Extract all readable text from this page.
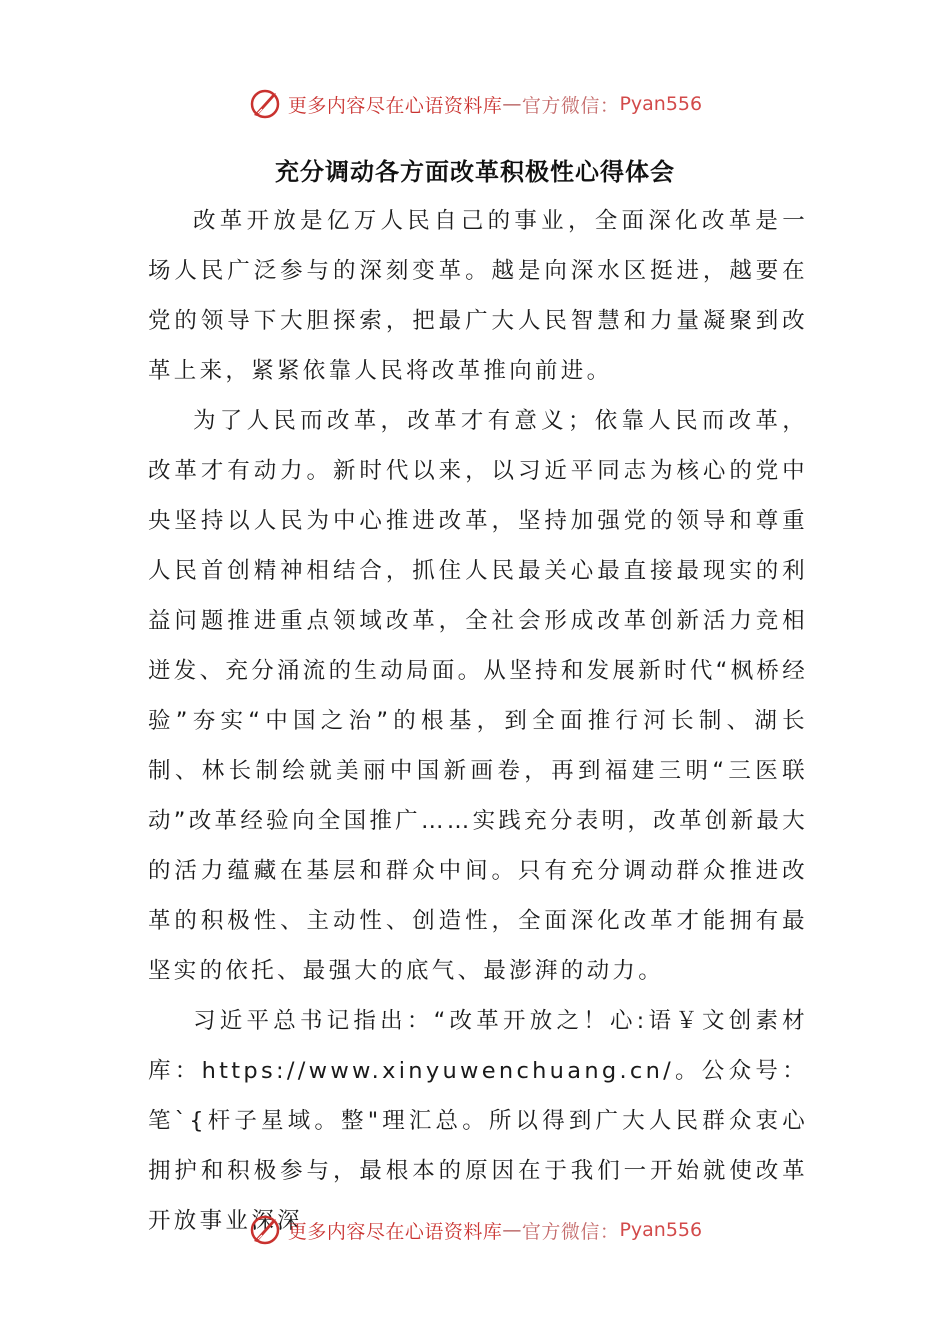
更多内容尽在心语资料库 — 官方微信： Pyan556
充分调动各方面改革积极性心得体会

改革开放是亿万人民自己的事业，全面深化改革是一场人民广泛参与的深刻变革。越是向深水区挺进，越要在党的领导下大胆探索，把最广大人民智慧和力量凝聚到改革上来，紧紧依靠人民将改革推向前进。

为了人民而改革，改革才有意义；依靠人民而改革，改革才有动力。新时代以来，以习近平同志为核心的党中央坚持以人民为中心推进改革，坚持加强党的领导和尊重人民首创精神相结合，抓住人民最关心最直接最现实的利益问题推进重点领域改革，全社会形成改革创新活力竞相迸发、充分涌流的生动局面。从坚持和发展新时代“枫桥经验”夯实“中国之治”的根基，到全面推行河长制、湖长制、林长制绘就美丽中国新画卷，再到福建三明“三医联动”改革经验向全国推广……实践充分表明，改革创新最大的活力蕴藏在基层和群众中间。只有充分调动群众推进改革的积极性、主动性、创造性，全面深化改革才能拥有最坚实的依托、最强大的底气、最澎湃的动力。

习近平总书记指出：“改革开放之！心:语￥文创素材库：https://www.xinyuwenchuang.cn/。公众号：笔`{杆子星域。整"理汇总。所以得到广大人民群众衷心拥护和积极参与，最根本的原因在于我们一开始就使改革开放事业深深

更多内容尽在心语资料库 — 官方微信： Pyan556
